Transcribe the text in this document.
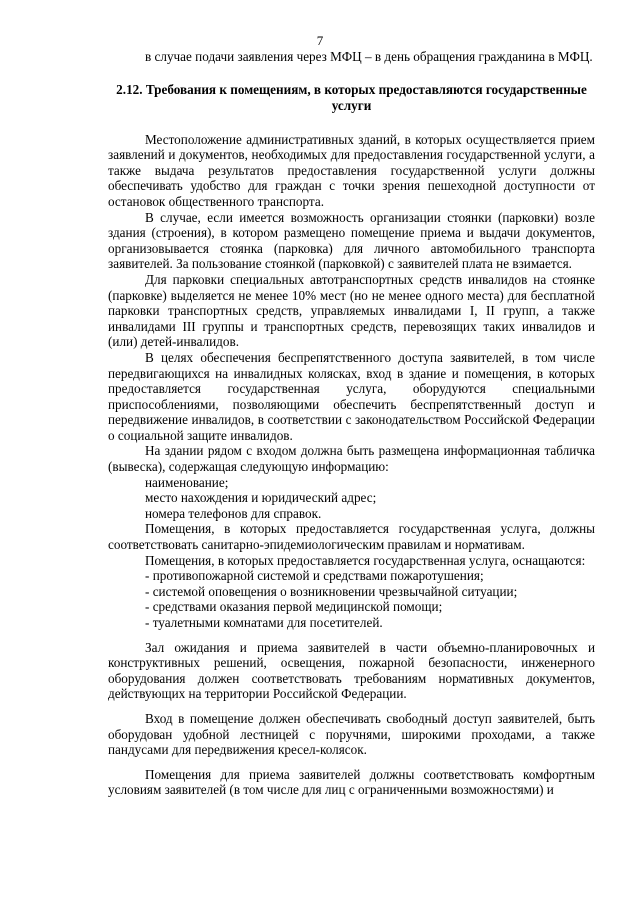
7

в случае подачи заявления через МФЦ – в день обращения гражданина в МФЦ.

2.12. Требования к помещениям, в которых предоставляются государственные услуги

Местоположение административных зданий, в которых осуществляется прием заявлений и документов, необходимых для предоставления государственной услуги, а также выдача результатов предоставления государственной услуги должны обеспечивать удобство для граждан с точки зрения пешеходной доступности от остановок общественного транспорта.

В случае, если имеется возможность организации стоянки (парковки) возле здания (строения), в котором размещено помещение приема и выдачи документов, организовывается стоянка (парковка) для личного автомобильного транспорта заявителей. За пользование стоянкой (парковкой) с заявителей плата не взимается.

Для парковки специальных автотранспортных средств инвалидов на стоянке (парковке) выделяется не менее 10% мест (но не менее одного места) для бесплатной парковки транспортных средств, управляемых инвалидами I, II групп, а также инвалидами III группы и транспортных средств, перевозящих таких инвалидов и (или) детей-инвалидов.

В целях обеспечения беспрепятственного доступа заявителей, в том числе передвигающихся на инвалидных колясках, вход в здание и помещения, в которых предоставляется государственная услуга, оборудуются специальными приспособлениями, позволяющими обеспечить беспрепятственный доступ и передвижение инвалидов, в соответствии с законодательством Российской Федерации о социальной защите инвалидов.

На здании рядом с входом должна быть размещена информационная табличка (вывеска), содержащая следующую информацию:

наименование;

место нахождения и юридический адрес;

номера телефонов для справок.

Помещения, в которых предоставляется государственная услуга, должны соответствовать санитарно-эпидемиологическим правилам и нормативам.

Помещения, в которых предоставляется государственная услуга, оснащаются:

- противопожарной системой и средствами пожаротушения;

- системой оповещения о возникновении чрезвычайной ситуации;

- средствами оказания первой медицинской помощи;

- туалетными комнатами для посетителей.

Зал ожидания и приема заявителей в части объемно-планировочных и конструктивных решений, освещения, пожарной безопасности, инженерного оборудования должен соответствовать требованиям нормативных документов, действующих на территории Российской Федерации.

Вход в помещение должен обеспечивать свободный доступ заявителей, быть оборудован удобной лестницей с поручнями, широкими проходами, а также пандусами для передвижения кресел-колясок.

Помещения для приема заявителей должны соответствовать комфортным условиям заявителей (в том числе для лиц с ограниченными возможностями) и
